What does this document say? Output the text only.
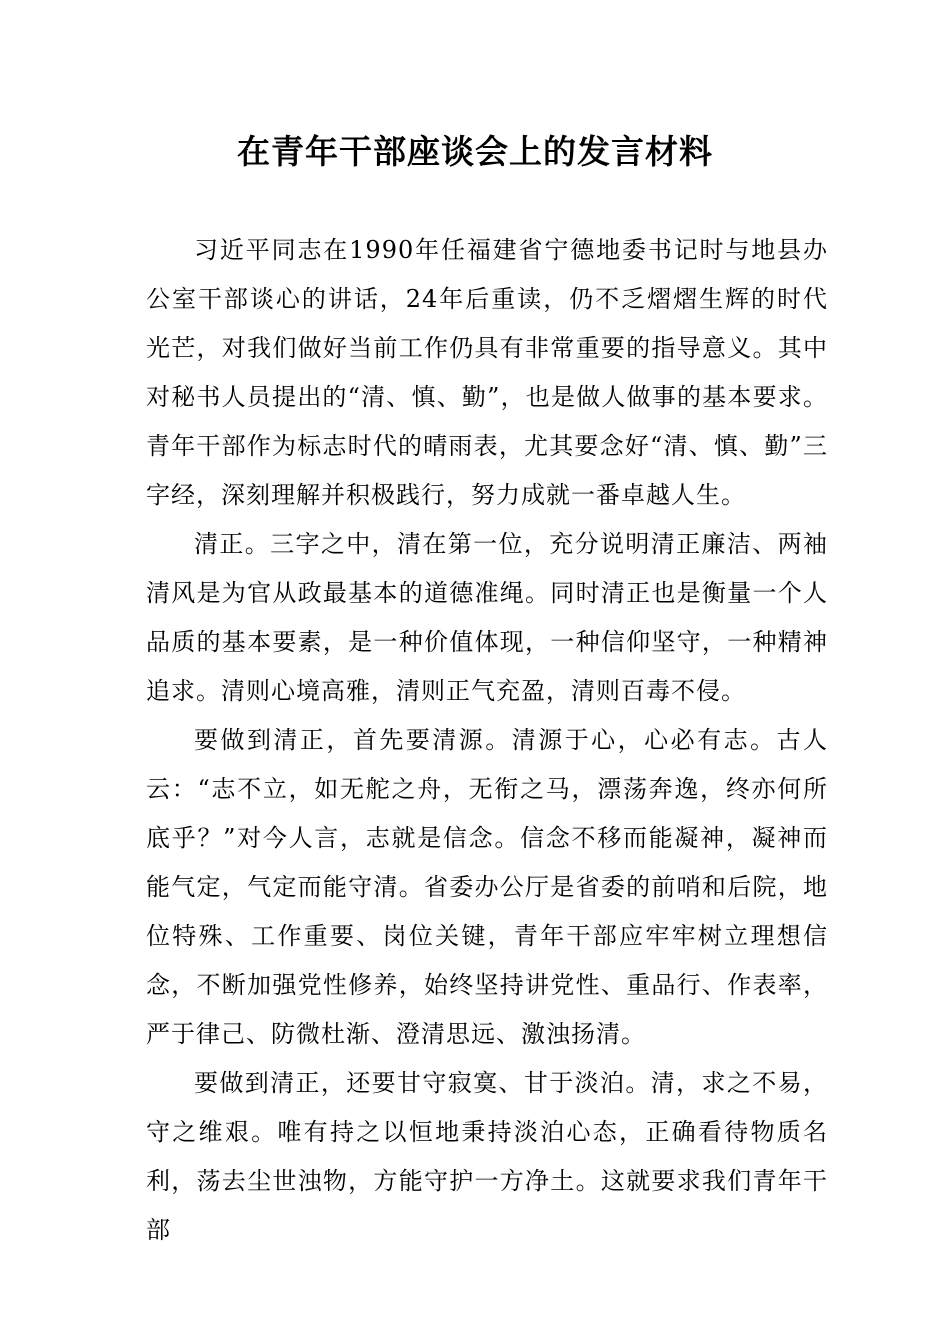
在青年干部座谈会上的发言材料

习近平同志在1990年任福建省宁德地委书记时与地县办公室干部谈心的讲话，24年后重读，仍不乏熠熠生辉的时代光芒，对我们做好当前工作仍具有非常重要的指导意义。其中对秘书人员提出的“清、慎、勤”，也是做人做事的基本要求。青年干部作为标志时代的晴雨表，尤其要念好“清、慎、勤”三字经，深刻理解并积极践行，努力成就一番卓越人生。

清正。三字之中，清在第一位，充分说明清正廉洁、两袖清风是为官从政最基本的道德准绳。同时清正也是衡量一个人品质的基本要素，是一种价值体现，一种信仰坚守，一种精神追求。清则心境高雅，清则正气充盈，清则百毒不侵。

要做到清正，首先要清源。清源于心，心必有志。古人云：“志不立，如无舵之舟，无衔之马，漂荡奔逸，终亦何所底乎？”对今人言，志就是信念。信念不移而能凝神，凝神而能气定，气定而能守清。省委办公厅是省委的前哨和后院，地位特殊、工作重要、岗位关键，青年干部应牢牢树立理想信念，不断加强党性修养，始终坚持讲党性、重品行、作表率，严于律己、防微杜渐、澄清思远、激浊扬清。

要做到清正，还要甘守寂寞、甘于淡泊。清，求之不易，守之维艰。唯有持之以恒地秉持淡泊心态，正确看待物质名利，荡去尘世浊物，方能守护一方净土。这就要求我们青年干部
